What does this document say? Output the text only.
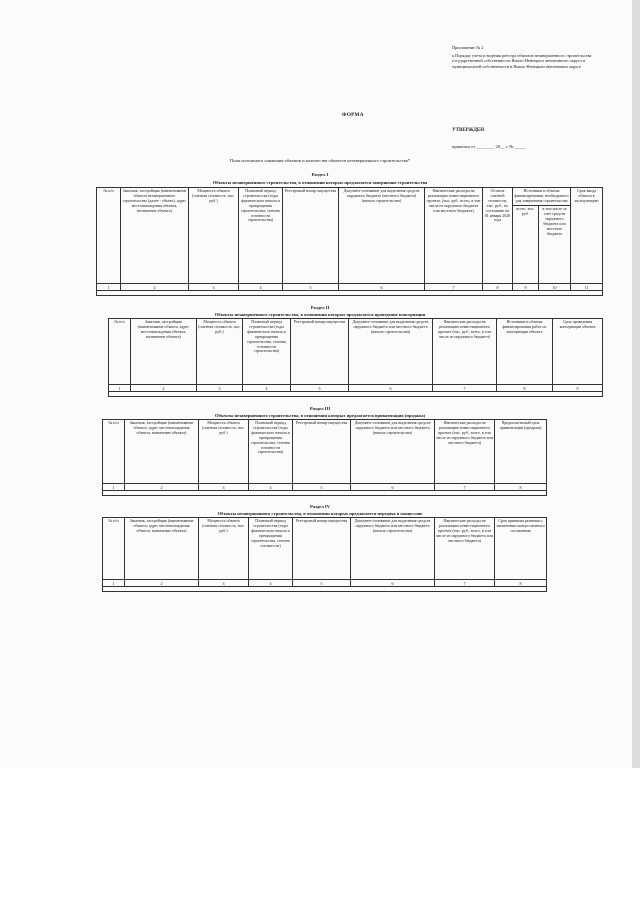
Приложение № 2
к Порядку учета и ведения реестра объектов незавершенного строительства государственной собственности Ямало-Ненецкого автономного округа и муниципальной собственности в Ямало-Ненецком автономном округе
ФОРМА
УТВЕРЖДЕН
приказом от ________ 20__ г. № _____
План поэтапного снижения объемов и количества объектов незавершенного строительства*
Раздел I
Объекты незавершенного строительства, в отношении которых предлагается завершение строительства
№ п/п	Заказчик, застройщик (наименование объекта незавершенного строительства (далее - объект), адрес местонахождения объекта, назначение объекта)	Мощность объекта (сметная стоимость, тыс. руб.)	Плановый период строительства (годы фактического начала и прекращения строительства, степень готовности строительства)	Реестровый номер имущества	Документ-основание для выделения средств окружного бюджета (местного бюджета) (начала строительства)	Фактические расходы на реализацию инвестиционного проекта, (тыс. руб., всего, в том числе из окружного бюджета или местного бюджета)	Остаток сметной стоимости, тыс. руб., по состоянию на 01 января 2020 года	Источники и объемы финансирования, необходимого для завершения строительства		Срок ввода объекта в эксплуатацию
								всего, тыс. руб.	в том числе за счет средств окружного бюджета или местного бюджета	
1	2	3	4	5	6	7	8	9	10	11

Раздел II
Объекты незавершенного строительства, в отношении которых предлагается проведение консервации
№ п/п	Заказчик, застройщик (наименование объекта, адрес местонахождения объекта, назначение объекта)	Мощность объекта (сметная стоимость, тыс. руб.)	Плановый период строительства (годы фактического начала и прекращения строительства, степень готовности строительства)	Реестровый номер имущества	Документ-основание для выделения средств окружного бюджета или местного бюджета (начала строительства)	Фактические расходы на реализацию инвестиционного проекта (тыс. руб., всего, в том числе из окружного бюджета)	Источники и объемы финансирования работ по консервации объекта	Срок проведения консервации объекта
1	2	3	4	5	6	7	8	9

Раздел III
Объекты незавершенного строительства, в отношении которых предлагается приватизация (продажа)
№ п/п	Заказчик, застройщик (наименование объекта, адрес местонахождения объекта, назначение объекта)	Мощность объекта (сметная стоимость, тыс. руб.)	Плановый период строительства (годы фактического начала и прекращения строительства, степень готовности строительства)	Реестровый номер имущества	Документ-основание для выделения средств окружного бюджета или местного бюджета (начала строительства)	Фактические расходы на реализацию инвестиционного проекта (тыс. руб., всего, в том числе из окружного бюджета или местного бюджета)	Предполагаемый срок приватизации (продажи)
1	2	3	4	5	6	7	8

Раздел IV
Объекты незавершенного строительства, в отношении которых предлагается передача в концессию
№ п/п	Заказчик, застройщик (наименование объекта, адрес местонахождения объекта, назначение объекта)	Мощность объекта (сметная стоимость, тыс. руб.)	Плановый период строительства (годы фактического начала и прекращения строительства, степень готовности)	Реестровый номер имущества	Документ-основание для выделения средств окружного бюджета или местного бюджета (начала строительства)	Фактические расходы на реализацию инвестиционного проекта (тыс. руб., всего, в том числе из окружного бюджета или местного бюджета)	Срок принятия решения о заключении концессионного соглашения
1	2	3	4	5	6	7	8
